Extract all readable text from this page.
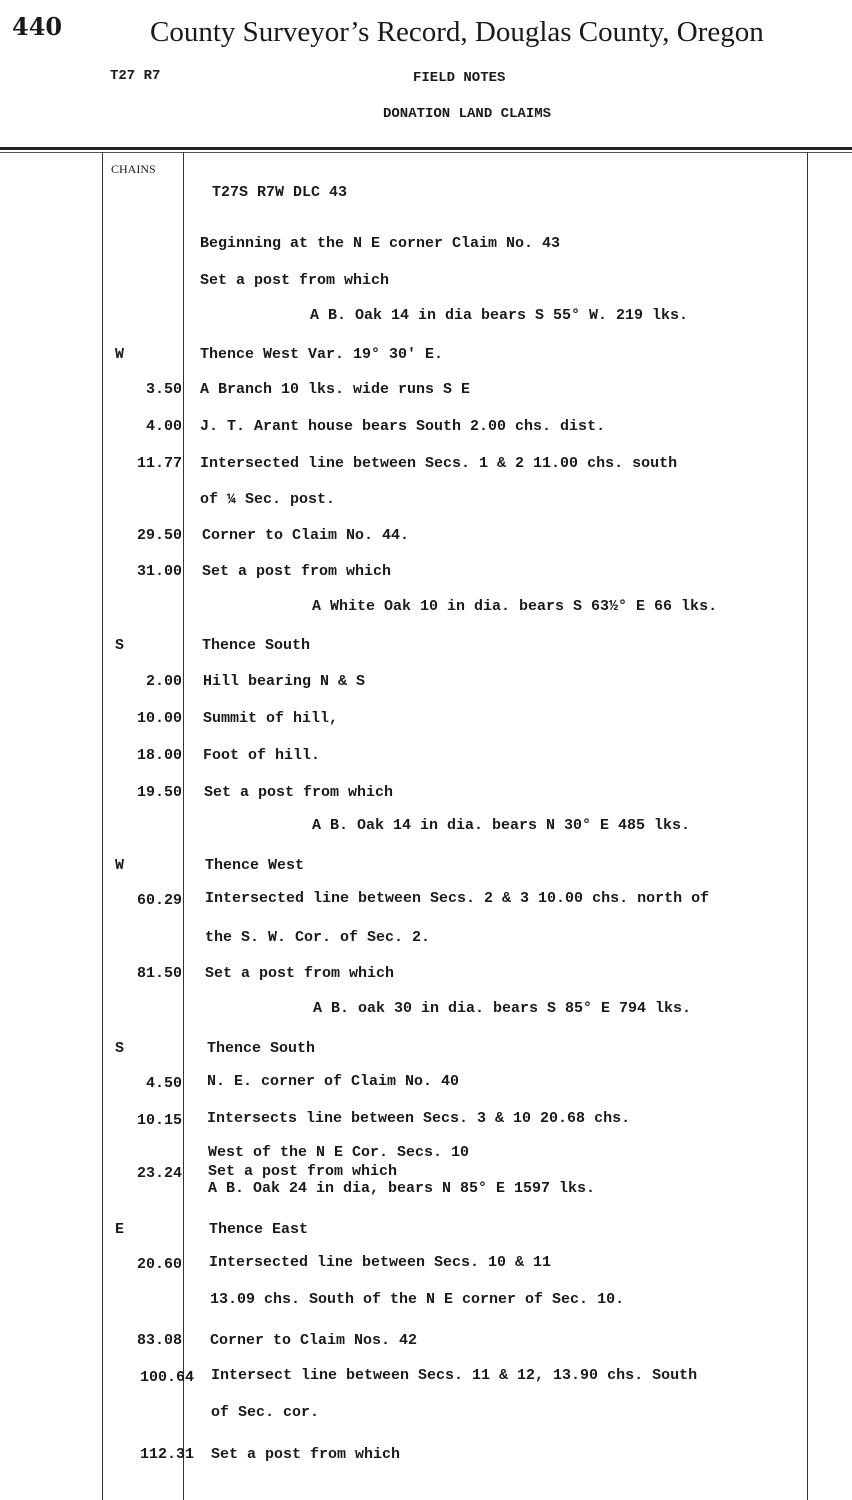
440	County Surveyor’s Record, Douglas County, Oregon
T27 R7	FIELD NOTES
DONATION LAND CLAIMS
CHAINS
T27S R7W DLC 43
Beginning at the N E corner Claim No. 43
Set a post from which
A B. Oak 14 in dia bears S 55° W. 219 lks.
W	Thence West Var. 19° 30' E.
3.50 A Branch 10 lks. wide runs S E
4.00 J. T. Arant house bears South 2.00 chs. dist.
11.77 Intersected line between Secs. 1 & 2 11.00 chs. south
of ¼ Sec. post.
29.50 Corner to Claim No. 44.
31.00 Set a post from which
A White Oak 10 in dia. bears S 63½° E 66 lks.
S	Thence South
2.00 Hill bearing N & S
10.00 Summit of hill,
18.00 Foot of hill.
19.50 Set a post from which
A B. Oak 14 in dia. bears N 30° E 485 lks.
W	Thence West
60.29 Intersected line between Secs. 2 & 3 10.00 chs. north of
the S. W. Cor. of Sec. 2.
81.50 Set a post from which
A B. oak 30 in dia. bears S 85° E 794 lks.
S	Thence South
4.50 N. E. corner of Claim No. 40
10.15 Intersects line between Secs. 3 & 10 20.68 chs.
West of the N E Cor. Secs. 10
23.24 Set a post from which
A B. Oak 24 in dia, bears N 85° E 1597 lks.
E	Thence East
20.60 Intersected line between Secs. 10 & 11
13.09 chs. South of the N E corner of Sec. 10.
83.08 Corner to Claim Nos. 42
100.64 Intersect line between Secs. 11 & 12, 13.90 chs. South
of Sec. cor.
112.31 Set a post from which
